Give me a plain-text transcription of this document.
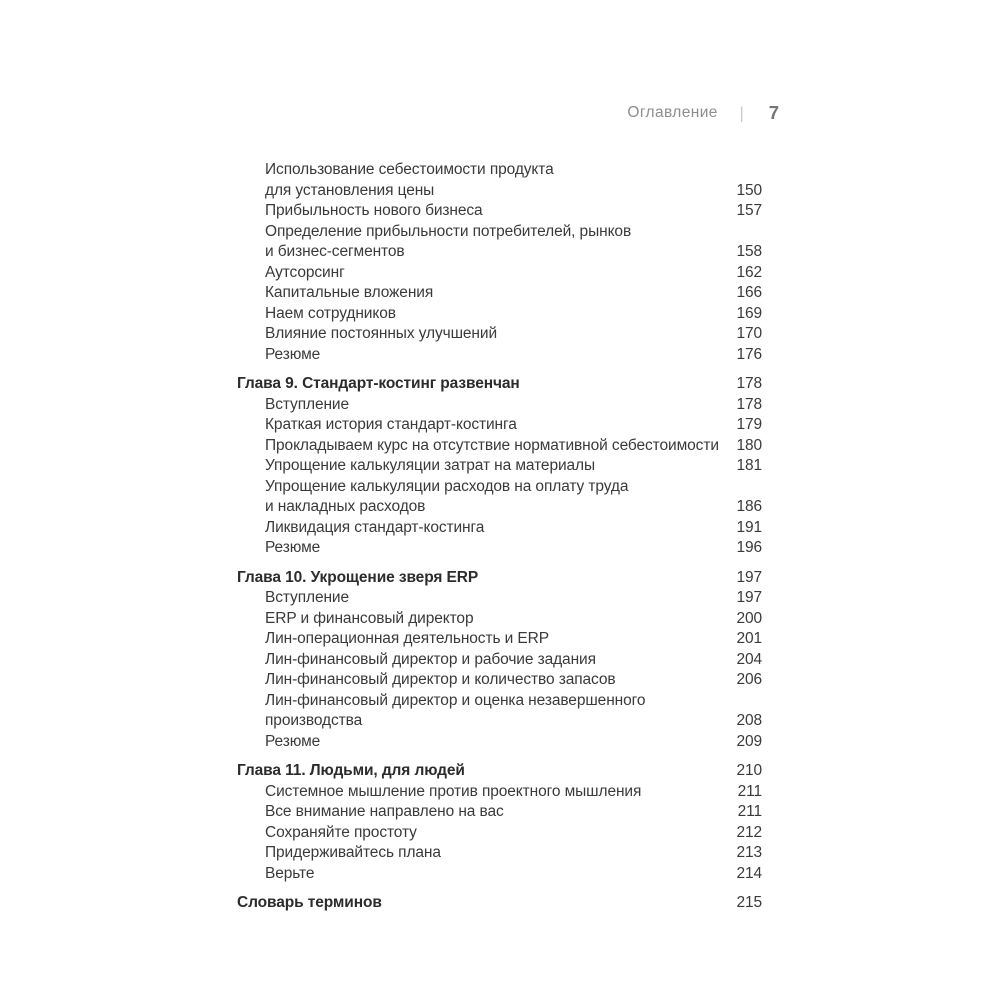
Оглавление | 7
Использование себестоимости продукта
для установления цены	150
Прибыльность нового бизнеса	157
Определение прибыльности потребителей, рынков
и бизнес-сегментов	158
Аутсорсинг	162
Капитальные вложения	166
Наем сотрудников	169
Влияние постоянных улучшений	170
Резюме	176
Глава 9. Стандарт-костинг развенчан	178
Вступление	178
Краткая история стандарт-костинга	179
Прокладываем курс на отсутствие нормативной себестоимости	180
Упрощение калькуляции затрат на материалы	181
Упрощение калькуляции расходов на оплату труда
и накладных расходов	186
Ликвидация стандарт-костинга	191
Резюме	196
Глава 10. Укрощение зверя ERP	197
Вступление	197
ERP и финансовый директор	200
Лин-операционная деятельность и ERP	201
Лин-финансовый директор и рабочие задания	204
Лин-финансовый директор и количество запасов	206
Лин-финансовый директор и оценка незавершенного
производства	208
Резюме	209
Глава 11. Людьми, для людей	210
Системное мышление против проектного мышления	211
Все внимание направлено на вас	211
Сохраняйте простоту	212
Придерживайтесь плана	213
Верьте	214
Словарь терминов	215
